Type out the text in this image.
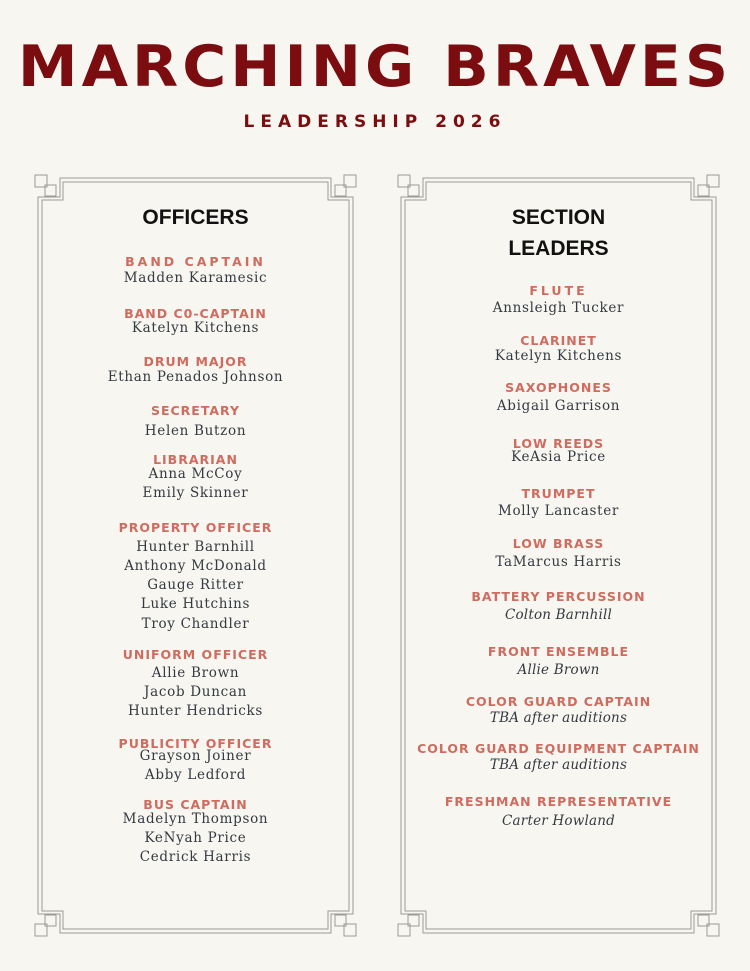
MARCHING BRAVES
LEADERSHIP 2026
OFFICERS
BAND CAPTAIN
Madden Karamesic
BAND C0-CAPTAIN
Katelyn Kitchens
DRUM MAJOR
Ethan Penados Johnson
SECRETARY
Helen Butzon
LIBRARIAN
Anna McCoy
Emily Skinner
PROPERTY OFFICER
Hunter Barnhill
Anthony McDonald
Gauge Ritter
Luke Hutchins
Troy Chandler
UNIFORM OFFICER
Allie Brown
Jacob Duncan
Hunter Hendricks
PUBLICITY OFFICER
Grayson Joiner
Abby Ledford
BUS CAPTAIN
Madelyn Thompson
KeNyah Price
Cedrick Harris
SECTION
LEADERS
FLUTE
Annsleigh Tucker
CLARINET
Katelyn Kitchens
SAXOPHONES
Abigail Garrison
LOW REEDS
KeAsia Price
TRUMPET
Molly Lancaster
LOW BRASS
TaMarcus Harris
BATTERY PERCUSSION
Colton Barnhill
FRONT ENSEMBLE
Allie Brown
COLOR GUARD CAPTAIN
TBA after auditions
COLOR GUARD EQUIPMENT CAPTAIN
TBA after auditions
FRESHMAN REPRESENTATIVE
Carter Howland
